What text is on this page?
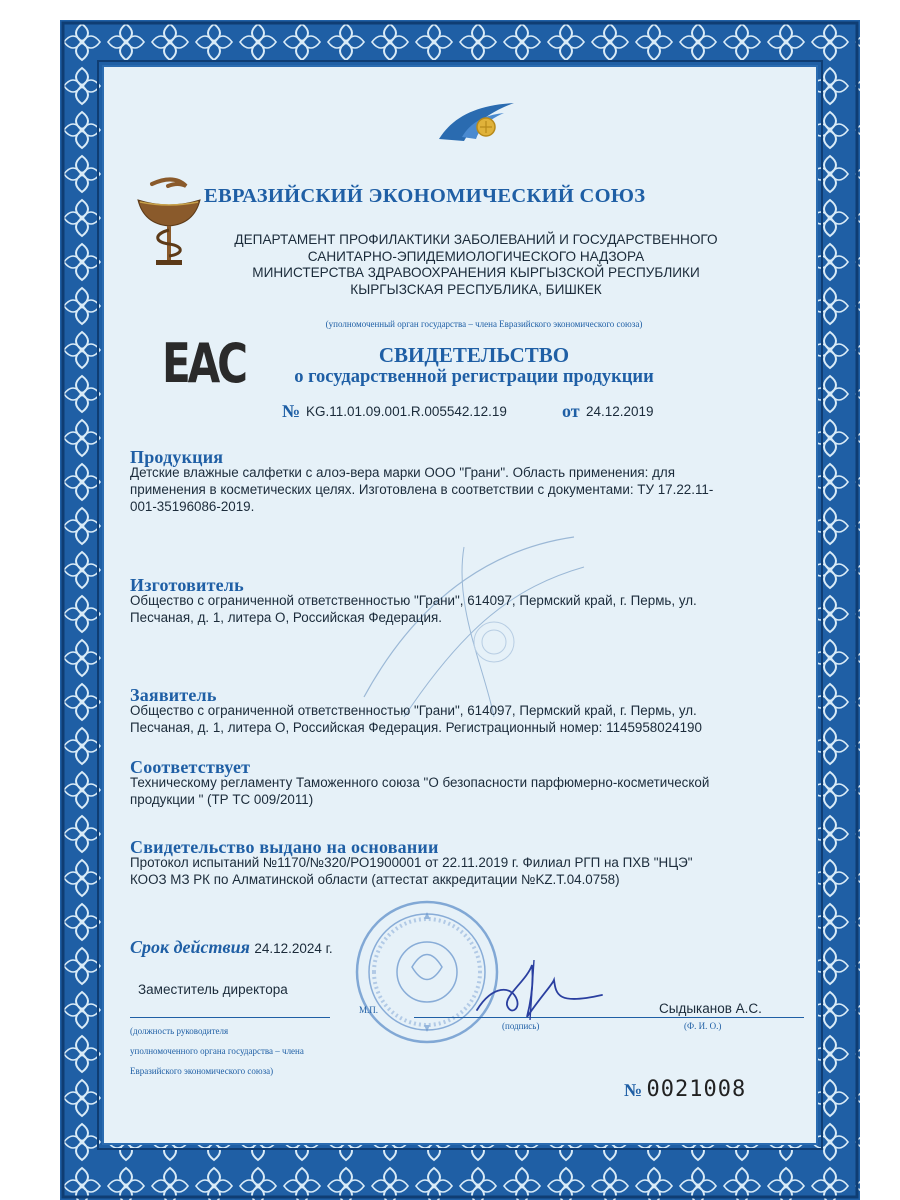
ЕВРАЗИЙСКИЙ ЭКОНОМИЧЕСКИЙ СОЮЗ
ДЕПАРТАМЕНТ ПРОФИЛАКТИКИ ЗАБОЛЕВАНИЙ И ГОСУДАРСТВЕННОГО
САНИТАРНО-ЭПИДЕМИОЛОГИЧЕСКОГО НАДЗОРА
МИНИСТЕРСТВА ЗДРАВООХРАНЕНИЯ КЫРГЫЗСКОЙ РЕСПУБЛИКИ
КЫРГЫЗСКАЯ РЕСПУБЛИКА, БИШКЕК
(уполномоченный орган государства – члена Евразийского экономического союза)
EAC	СВИДЕТЕЛЬСТВО
о государственной регистрации продукции
№ KG.11.01.09.001.R.005542.12.19	от 24.12.2019
Продукция
Детские влажные салфетки с алоэ-вера марки ООО "Грани". Область применения: для
применения в косметических целях. Изготовлена в соответствии с документами: ТУ 17.22.11-
001-35196086-2019.
Изготовитель
Общество с ограниченной ответственностью "Грани", 614097, Пермский край, г. Пермь, ул.
Песчаная, д. 1, литера О, Российская Федерация.
Заявитель
Общество с ограниченной ответственностью "Грани", 614097, Пермский край, г. Пермь, ул.
Песчаная, д. 1, литера О, Российская Федерация. Регистрационный номер: 1145958024190
Соответствует
Техническому регламенту Таможенного союза "О безопасности парфюмерно-косметической
продукции " (ТР ТС 009/2011)
Свидетельство выдано на основании
Протокол испытаний №1170/№320/РО1900001 от 22.11.2019 г. Филиал РГП на ПХВ "НЦЭ"
КООЗ МЗ РК по Алматинской области (аттестат аккредитации №KZ.T.04.0758)
Срок действия 24.12.2024 г.
Заместитель директора
Сыдыканов А.С.
М.П.
(должность руководителя
уполномоченного органа государства – члена
Евразийского экономического союза)
(подпись)	(Ф. И. О.)
№ 0021008
